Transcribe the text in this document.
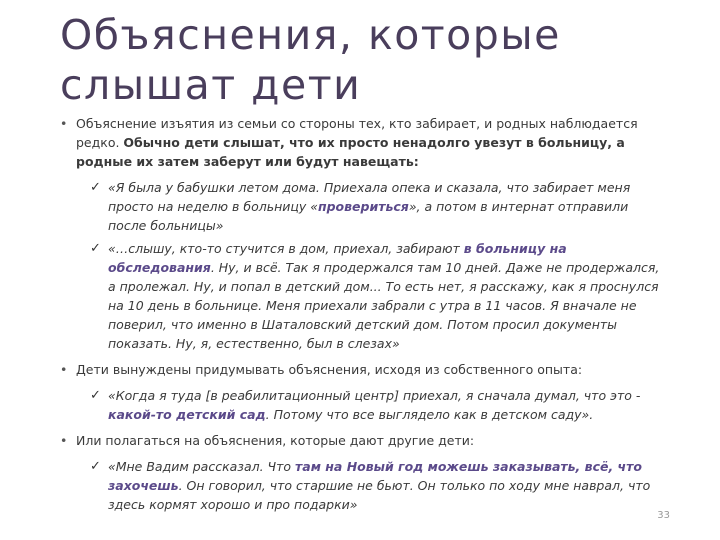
Объяснения, которые
слышат дети
• Объяснение изъятия из семьи со стороны тех, кто забирает, и родных наблюдается редко. Обычно дети слышат, что их просто ненадолго увезут в больницу, а родные их затем заберут или будут навещать:
✓ «Я была у бабушки летом дома. Приехала опека и сказала, что забирает меня просто на неделю в больницу «провериться», а потом в интернат отправили после больницы»
✓ «…слышу, кто-то стучится в дом, приехал, забирают в больницу на обследования. Ну, и всё. Так я продержался там 10 дней. Даже не продержался, а пролежал. Ну, и попал в детский дом... То есть нет, я расскажу, как я проснулся на 10 день в больнице. Меня приехали забрали с утра в 11 часов. Я вначале не поверил, что именно в Шаталовский детский дом. Потом просил документы показать. Ну, я, естественно, был в слезах»
• Дети вынуждены придумывать объяснения, исходя из собственного опыта:
✓ «Когда я туда [в реабилитационный центр] приехал, я сначала думал, что это - какой-то детский сад. Потому что все выглядело как в детском саду».
• Или полагаться на объяснения, которые дают другие дети:
✓ «Мне Вадим рассказал. Что там на Новый год можешь заказывать, всё, что захочешь. Он говорил, что старшие не бьют. Он только по ходу мне наврал, что здесь кормят хорошо и про подарки»
33
